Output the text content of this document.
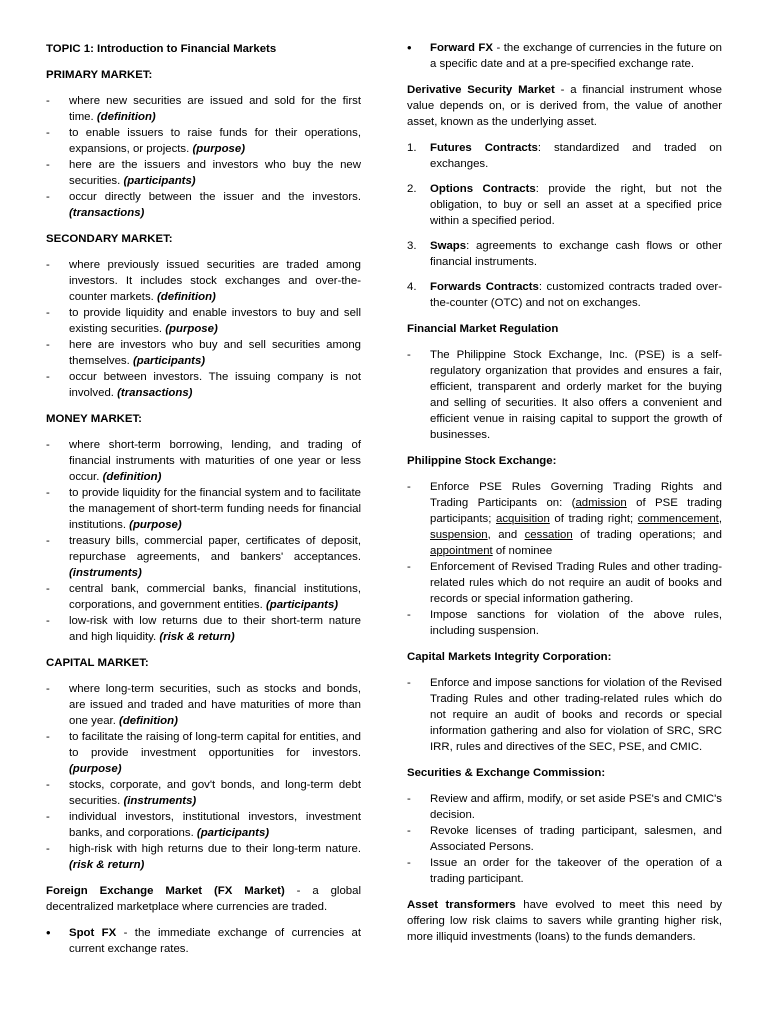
TOPIC 1: Introduction to Financial Markets

PRIMARY MARKET:

- where new securities are issued and sold for the first time. (definition)
- to enable issuers to raise funds for their operations, expansions, or projects. (purpose)
- here are the issuers and investors who buy the new securities. (participants)
- occur directly between the issuer and the investors. (transactions)

SECONDARY MARKET:

- where previously issued securities are traded among investors. It includes stock exchanges and over-the-counter markets. (definition)
- to provide liquidity and enable investors to buy and sell existing securities. (purpose)
- here are investors who buy and sell securities among themselves. (participants)
- occur between investors. The issuing company is not involved. (transactions)

MONEY MARKET:

- where short-term borrowing, lending, and trading of financial instruments with maturities of one year or less occur. (definition)
- to provide liquidity for the financial system and to facilitate the management of short-term funding needs for financial institutions. (purpose)
- treasury bills, commercial paper, certificates of deposit, repurchase agreements, and bankers' acceptances. (instruments)
- central bank, commercial banks, financial institutions, corporations, and government entities. (participants)
- low-risk with low returns due to their short-term nature and high liquidity. (risk & return)

CAPITAL MARKET:

- where long-term securities, such as stocks and bonds, are issued and traded and have maturities of more than one year. (definition)
- to facilitate the raising of long-term capital for entities, and to provide investment opportunities for investors. (purpose)
- stocks, corporate, and gov't bonds, and long-term debt securities. (instruments)
- individual investors, institutional investors, investment banks, and corporations. (participants)
- high-risk with high returns due to their long-term nature. (risk & return)

Foreign Exchange Market (FX Market) - a global decentralized marketplace where currencies are traded.

• Spot FX - the immediate exchange of currencies at current exchange rates.
• Forward FX - the exchange of currencies in the future on a specific date and at a pre-specified exchange rate.

Derivative Security Market - a financial instrument whose value depends on, or is derived from, the value of another asset, known as the underlying asset.

1. Futures Contracts: standardized and traded on exchanges.
2. Options Contracts: provide the right, but not the obligation, to buy or sell an asset at a specified price within a specified period.
3. Swaps: agreements to exchange cash flows or other financial instruments.
4. Forwards Contracts: customized contracts traded over-the-counter (OTC) and not on exchanges.

Financial Market Regulation

- The Philippine Stock Exchange, Inc. (PSE) is a self-regulatory organization that provides and ensures a fair, efficient, transparent and orderly market for the buying and selling of securities. It also offers a convenient and efficient venue in raising capital to support the growth of businesses.

Philippine Stock Exchange:

- Enforce PSE Rules Governing Trading Rights and Trading Participants on: (admission of PSE trading participants; acquisition of trading right; commencement, suspension, and cessation of trading operations; and appointment of nominee
- Enforcement of Revised Trading Rules and other trading-related rules which do not require an audit of books and records or special information gathering.
- Impose sanctions for violation of the above rules, including suspension.

Capital Markets Integrity Corporation:

- Enforce and impose sanctions for violation of the Revised Trading Rules and other trading-related rules which do not require an audit of books and records or special information gathering and also for violation of SRC, SRC IRR, rules and directives of the SEC, PSE, and CMIC.

Securities & Exchange Commission:

- Review and affirm, modify, or set aside PSE's and CMIC's decision.
- Revoke licenses of trading participant, salesmen, and Associated Persons.
- Issue an order for the takeover of the operation of a trading participant.

Asset transformers have evolved to meet this need by offering low risk claims to savers while granting higher risk, more illiquid investments (loans) to the funds demanders.
